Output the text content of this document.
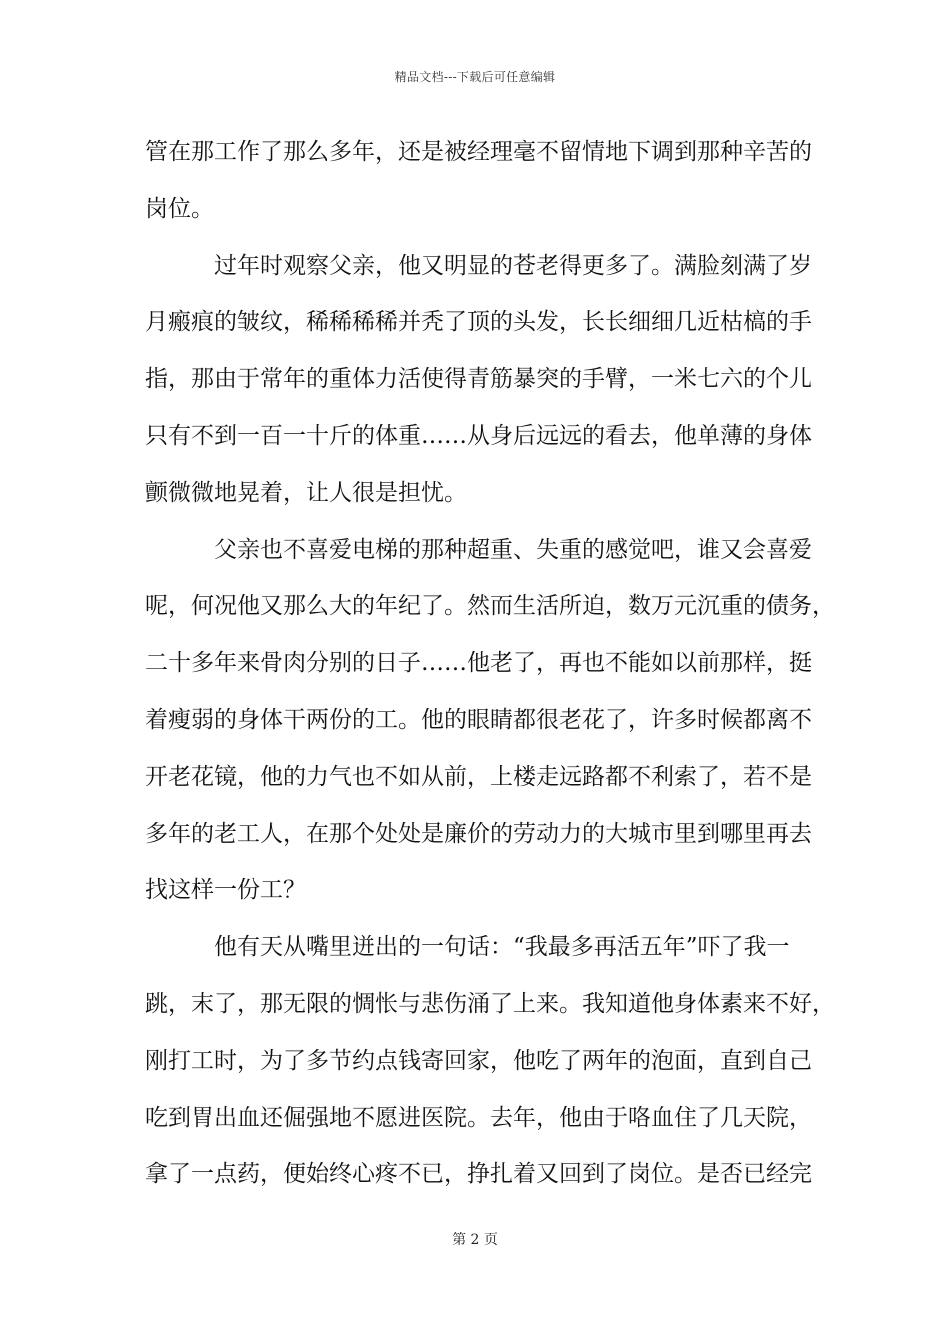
精品文档---下载后可任意编辑
管在那工作了那么多年，还是被经理毫不留情地下调到那种辛苦的
岗位。
过年时观察父亲，他又明显的苍老得更多了。满脸刻满了岁
月瘢痕的皱纹，稀稀稀稀并秃了顶的头发，长长细细几近枯槁的手
指，那由于常年的重体力活使得青筋暴突的手臂，一米七六的个儿
只有不到一百一十斤的体重……从身后远远的看去，他单薄的身体
颤微微地晃着，让人很是担忧。
父亲也不喜爱电梯的那种超重、失重的感觉吧，谁又会喜爱
呢，何况他又那么大的年纪了。然而生活所迫，数万元沉重的债务，
二十多年来骨肉分别的日子……他老了，再也不能如以前那样，挺
着瘦弱的身体干两份的工。他的眼睛都很老花了，许多时候都离不
开老花镜，他的力气也不如从前，上楼走远路都不利索了，若不是
多年的老工人，在那个处处是廉价的劳动力的大城市里到哪里再去
找这样一份工？
他有天从嘴里迸出的一句话：“我最多再活五年”吓了我一
跳，末了，那无限的惆怅与悲伤涌了上来。我知道他身体素来不好，
刚打工时，为了多节约点钱寄回家，他吃了两年的泡面，直到自己
吃到胃出血还倔强地不愿进医院。去年，他由于咯血住了几天院，
拿了一点药，便始终心疼不已，挣扎着又回到了岗位。是否已经完
第 2 页
